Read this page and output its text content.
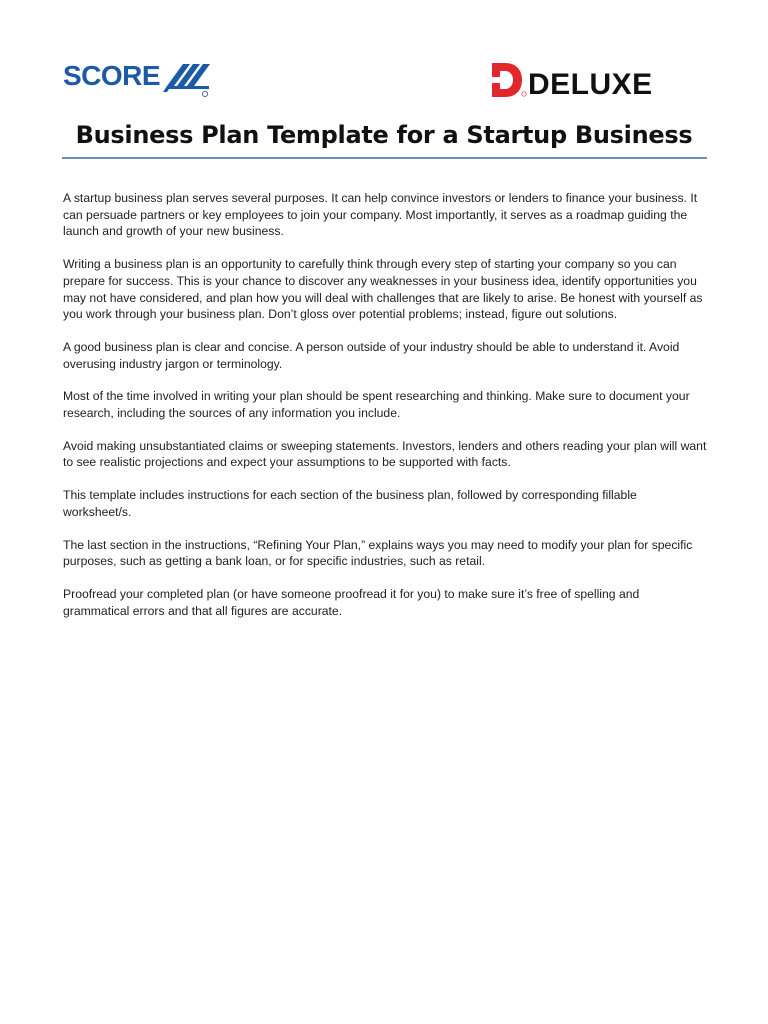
SCORE	DELUXE
Business Plan Template for a Startup Business

A startup business plan serves several purposes. It can help convince investors or lenders to finance your business. It can persuade partners or key employees to join your company. Most importantly, it serves as a roadmap guiding the launch and growth of your new business.

Writing a business plan is an opportunity to carefully think through every step of starting your company so you can prepare for success. This is your chance to discover any weaknesses in your business idea, identify opportunities you may not have considered, and plan how you will deal with challenges that are likely to arise. Be honest with yourself as you work through your business plan. Don’t gloss over potential problems; instead, figure out solutions.

A good business plan is clear and concise. A person outside of your industry should be able to understand it. Avoid overusing industry jargon or terminology.

Most of the time involved in writing your plan should be spent researching and thinking. Make sure to document your research, including the sources of any information you include.

Avoid making unsubstantiated claims or sweeping statements. Investors, lenders and others reading your plan will want to see realistic projections and expect your assumptions to be supported with facts.

This template includes instructions for each section of the business plan, followed by corresponding fillable worksheet/s.

The last section in the instructions, “Refining Your Plan,” explains ways you may need to modify your plan for specific purposes, such as getting a bank loan, or for specific industries, such as retail.

Proofread your completed plan (or have someone proofread it for you) to make sure it’s free of spelling and grammatical errors and that all figures are accurate.
